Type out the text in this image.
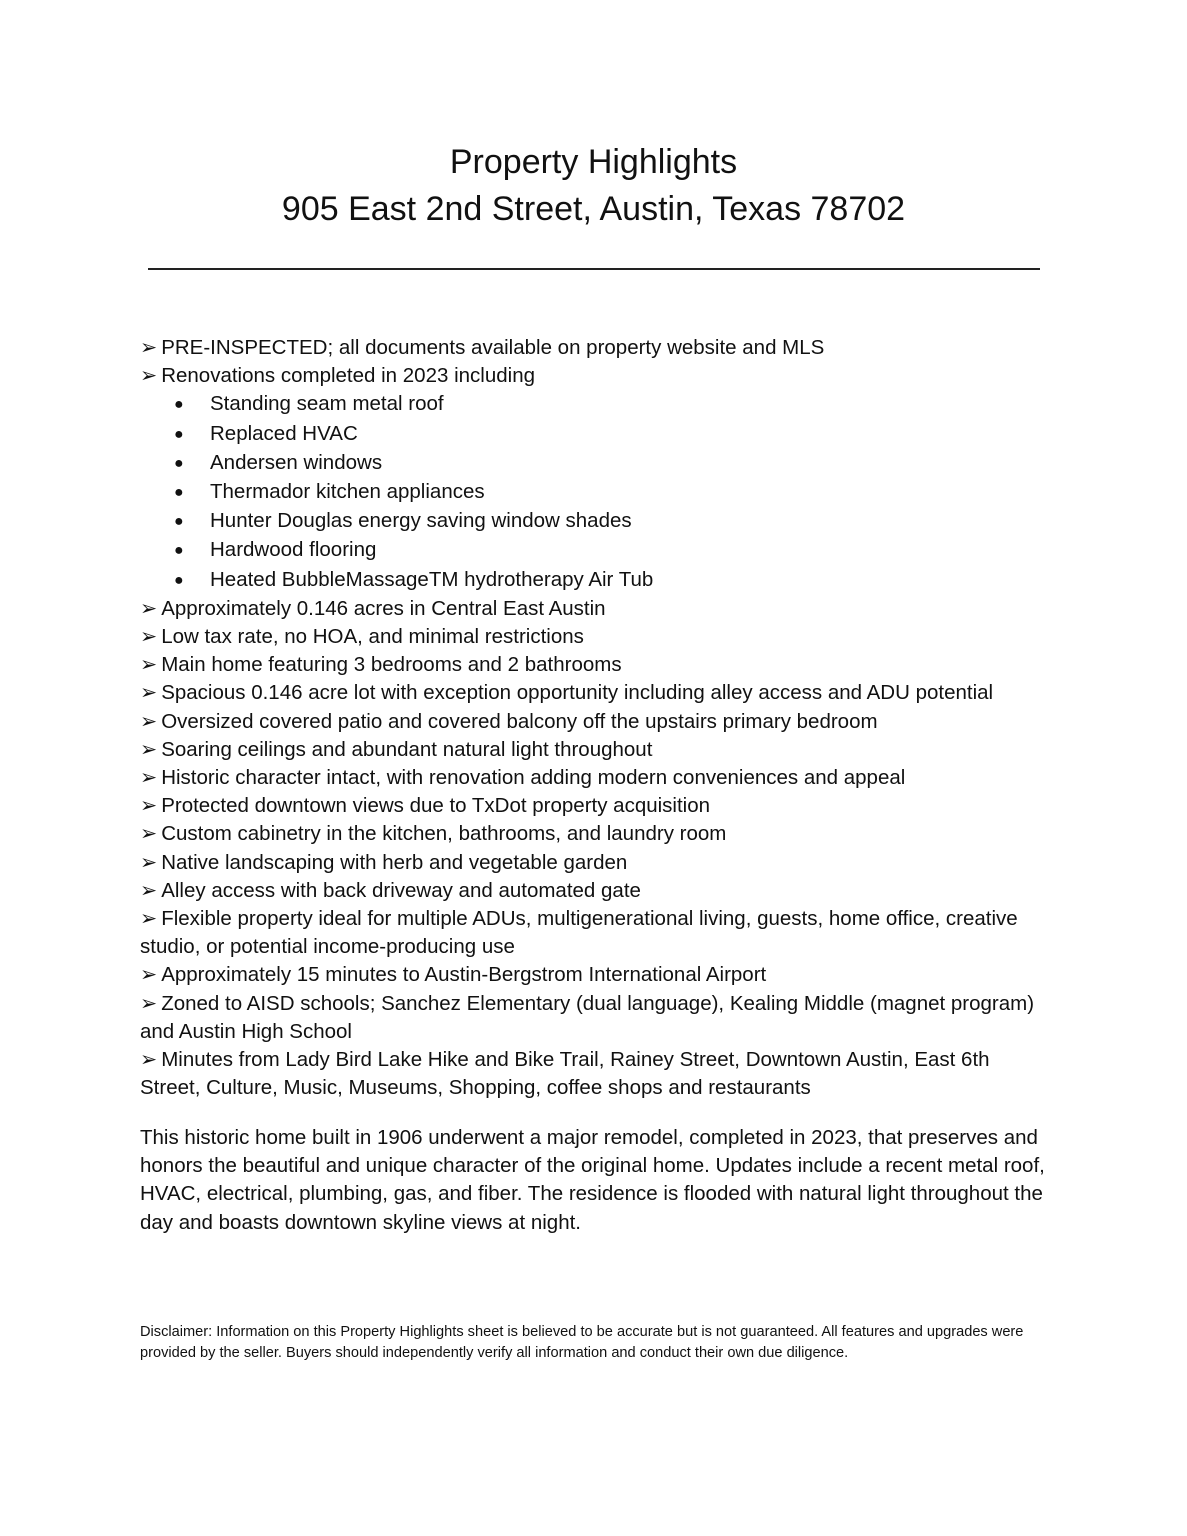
Property Highlights
905 East 2nd Street, Austin, Texas 78702
➢ PRE-INSPECTED; all documents available on property website and MLS
➢ Renovations completed in 2023 including
● Standing seam metal roof
● Replaced HVAC
● Andersen windows
● Thermador kitchen appliances
● Hunter Douglas energy saving window shades
● Hardwood flooring
● Heated BubbleMassageTM hydrotherapy Air Tub
➢ Approximately 0.146 acres in Central East Austin
➢ Low tax rate, no HOA, and minimal restrictions
➢ Main home featuring 3 bedrooms and 2 bathrooms
➢ Spacious 0.146 acre lot with exception opportunity including alley access and ADU potential
➢ Oversized covered patio and covered balcony off the upstairs primary bedroom
➢ Soaring ceilings and abundant natural light throughout
➢ Historic character intact, with renovation adding modern conveniences and appeal
➢ Protected downtown views due to TxDot property acquisition
➢ Custom cabinetry in the kitchen, bathrooms, and laundry room
➢ Native landscaping with herb and vegetable garden
➢ Alley access with back driveway and automated gate
➢ Flexible property ideal for multiple ADUs, multigenerational living, guests, home office, creative studio, or potential income-producing use
➢ Approximately 15 minutes to Austin-Bergstrom International Airport
➢ Zoned to AISD schools; Sanchez Elementary (dual language), Kealing Middle (magnet program) and Austin High School
➢ Minutes from Lady Bird Lake Hike and Bike Trail, Rainey Street, Downtown Austin, East 6th Street, Culture, Music, Museums, Shopping, coffee shops and restaurants
This historic home built in 1906 underwent a major remodel, completed in 2023, that preserves and honors the beautiful and unique character of the original home. Updates include a recent metal roof, HVAC, electrical, plumbing, gas, and fiber. The residence is flooded with natural light throughout the day and boasts downtown skyline views at night.
Disclaimer: Information on this Property Highlights sheet is believed to be accurate but is not guaranteed. All features and upgrades were provided by the seller. Buyers should independently verify all information and conduct their own due diligence.
